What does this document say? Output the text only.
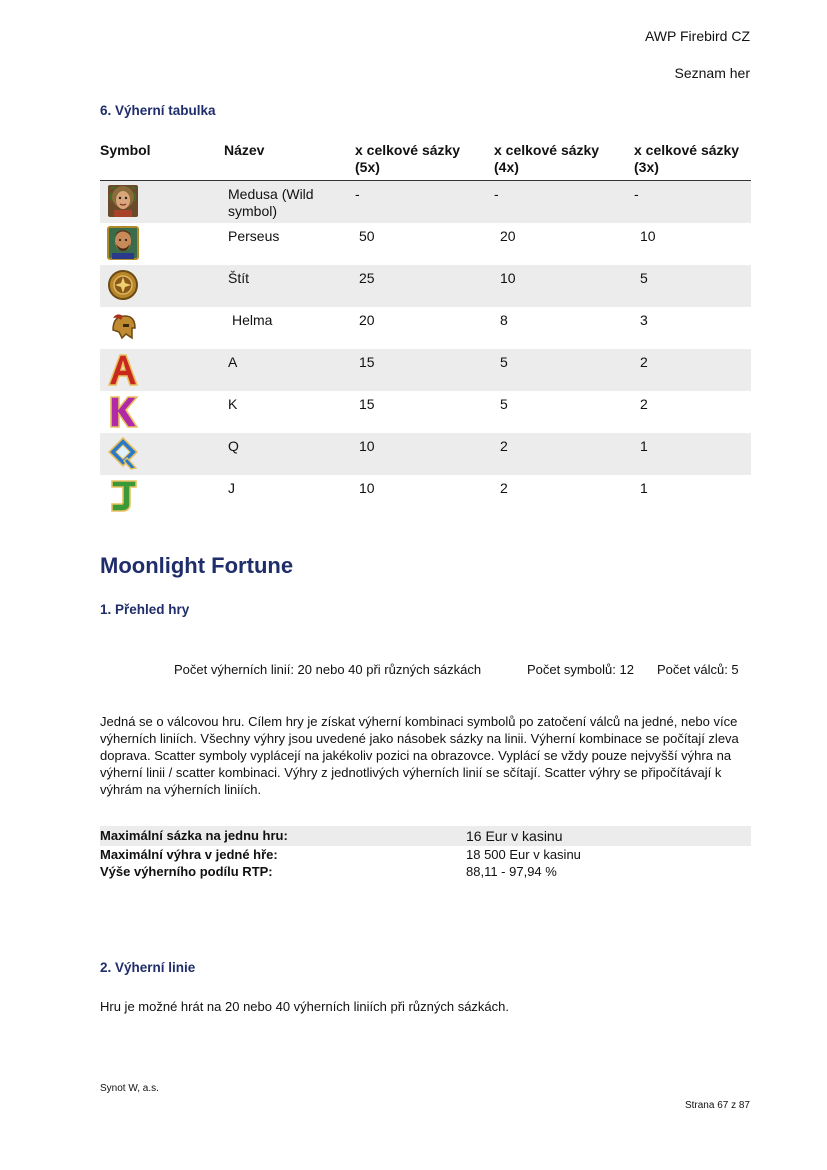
AWP Firebird CZ
Seznam her
6. Výherní tabulka
Symbol	Název	x celkové sázky (5x)	x celkové sázky (4x)	x celkové sázky (3x)

	Medusa (Wild symbol)	-	-	-

	Perseus	50	20	10

	Štít	25	10	5

	Helma	20	8	3

	A	15	5	2

	K	15	5	2

	Q	10	2	1

	J	10	2	1
Moonlight Fortune
1. Přehled hry
Počet výherních linií: 20 nebo 40 při různých sázkách	Počet symbolů: 12 Počet válců: 5
Jedná se o válcovou hru. Cílem hry je získat výherní kombinaci symbolů po zatočení válců na jedné, nebo více výherních liniích. Všechny výhry jsou uvedené jako násobek sázky na linii. Výherní kombinace se počítají zleva doprava. Scatter symboly vyplácejí na jakékoliv pozici na obrazovce. Vyplácí se vždy pouze nejvyšší výhra na výherní linii / scatter kombinaci. Výhry z jednotlivých výherních linií se sčítají. Scatter výhry se připočítávají k výhrám na výherních liniích.
Maximální sázka na jednu hru:	16 Eur v kasinu
Maximální výhra v jedné hře:	18 500 Eur v kasinu
Výše výherního podílu RTP:	88,11 - 97,94 %
2. Výherní linie
Hru je možné hrát na 20 nebo 40 výherních liniích při různých sázkách.
Synot W, a.s.
Strana 67 z 87
